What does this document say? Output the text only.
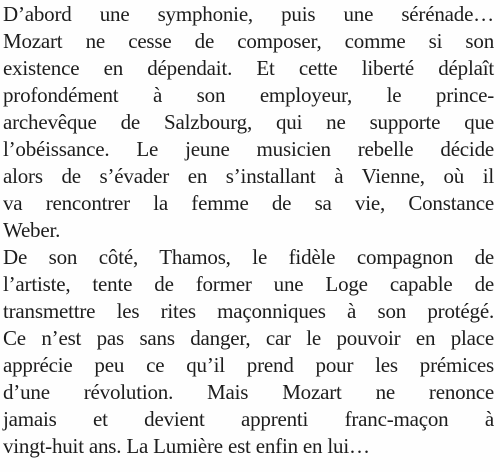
D’abord une symphonie, puis une sérénade…
Mozart ne cesse de composer, comme si son
existence en dépendait. Et cette liberté déplaît
profondément à son employeur, le prince-
archevêque de Salzbourg, qui ne supporte que
l’obéissance. Le jeune musicien rebelle décide
alors de s’évader en s’installant à Vienne, où il
va rencontrer la femme de sa vie, Constance
Weber.
De son côté, Thamos, le fidèle compagnon de
l’artiste, tente de former une Loge capable de
transmettre les rites maçonniques à son protégé.
Ce n’est pas sans danger, car le pouvoir en place
apprécie peu ce qu’il prend pour les prémices
d’une révolution. Mais Mozart ne renonce
jamais et devient apprenti franc-maçon à
vingt-huit ans. La Lumière est enfin en lui…
